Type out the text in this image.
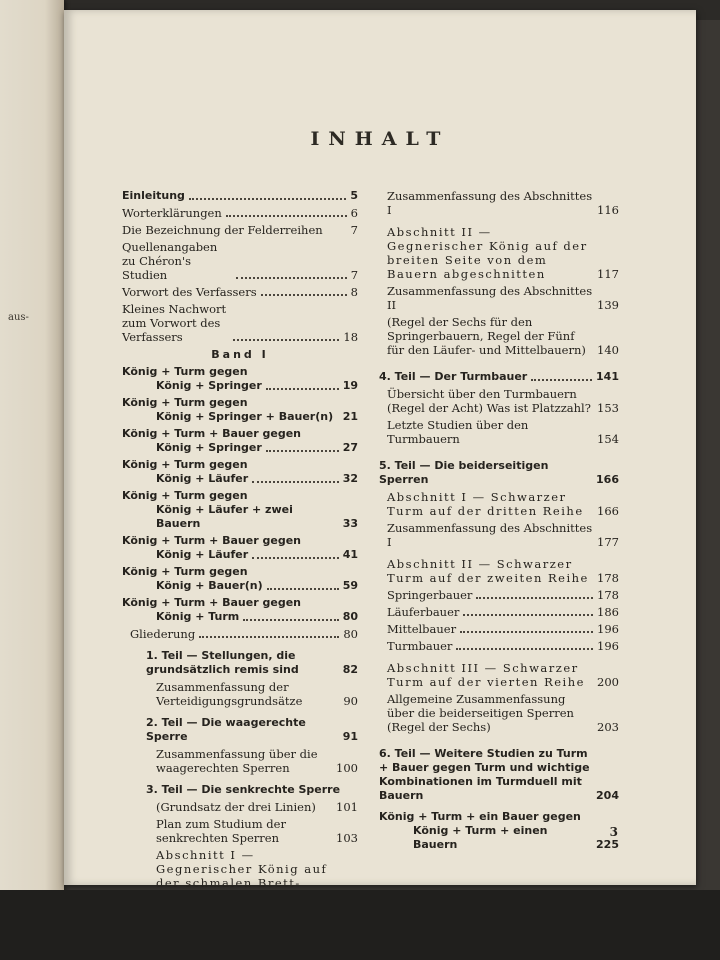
aus-
INHALT
Einleitung	5
Worterklärungen	6
Die Bezeichnung der Felderreihen	7
Quellenangaben zu Chéron's Studien	7
Vorwort des Verfassers	8
Kleines Nachwort zum Vorwort des Verfassers	18
Band I
König + Turm gegen
König + Springer	19
König + Turm gegen
König + Springer + Bauer(n) 21
König + Turm + Bauer gegen
König + Springer	27
König + Turm gegen
König + Läufer	32
König + Turm gegen
König + Läufer + zwei Bauern	33
König + Turm + Bauer gegen
König + Läufer	41
König + Turm gegen
König + Bauer(n)	59
König + Turm + Bauer gegen
König + Turm	80
Gliederung	80
1. Teil — Stellungen, die grundsätzlich remis sind	82
Zusammenfassung der Verteidigungsgrundsätze	90
2. Teil — Die waagerechte Sperre	91
Zusammenfassung über die waagerechten Sperren	100
3. Teil — Die senkrechte Sperre
(Grundsatz der drei Linien)	101
Plan zum Studium der senkrechten Sperren	103
Abschnitt I — Gegnerischer König auf der schmalen Brett-
Zusammenfassung des Abschnittes I	116
Abschnitt II — Gegnerischer König auf der breiten Seite von dem Bauern abgeschnitten	117
Zusammenfassung des Abschnittes II	139
(Regel der Sechs für den Springerbauern, Regel der Fünf für den Läufer- und Mittelbauern) 140
4. Teil — Der Turmbauer	141
Übersicht über den Turmbauern (Regel der Acht) Was ist Platzzahl? 153
Letzte Studien über den Turmbauern	154
5. Teil — Die beiderseitigen Sperren	166
Abschnitt I — Schwarzer Turm auf der dritten Reihe	166
Zusammenfassung des Abschnittes I	177
Abschnitt II — Schwarzer Turm auf der zweiten Reihe 178
Springerbauer	178
Läuferbauer	186
Mittelbauer	196
Turmbauer	196
Abschnitt III — Schwarzer Turm auf der vierten Reihe	200
Allgemeine Zusammenfassung über die beiderseitigen Sperren (Regel der Sechs)	203
6. Teil — Weitere Studien zu Turm + Bauer gegen Turm und wichtige Kombinationen im Turmduell mit Bauern	204
König + Turm + ein Bauer gegen
König + Turm + einen Bauern	225
3
